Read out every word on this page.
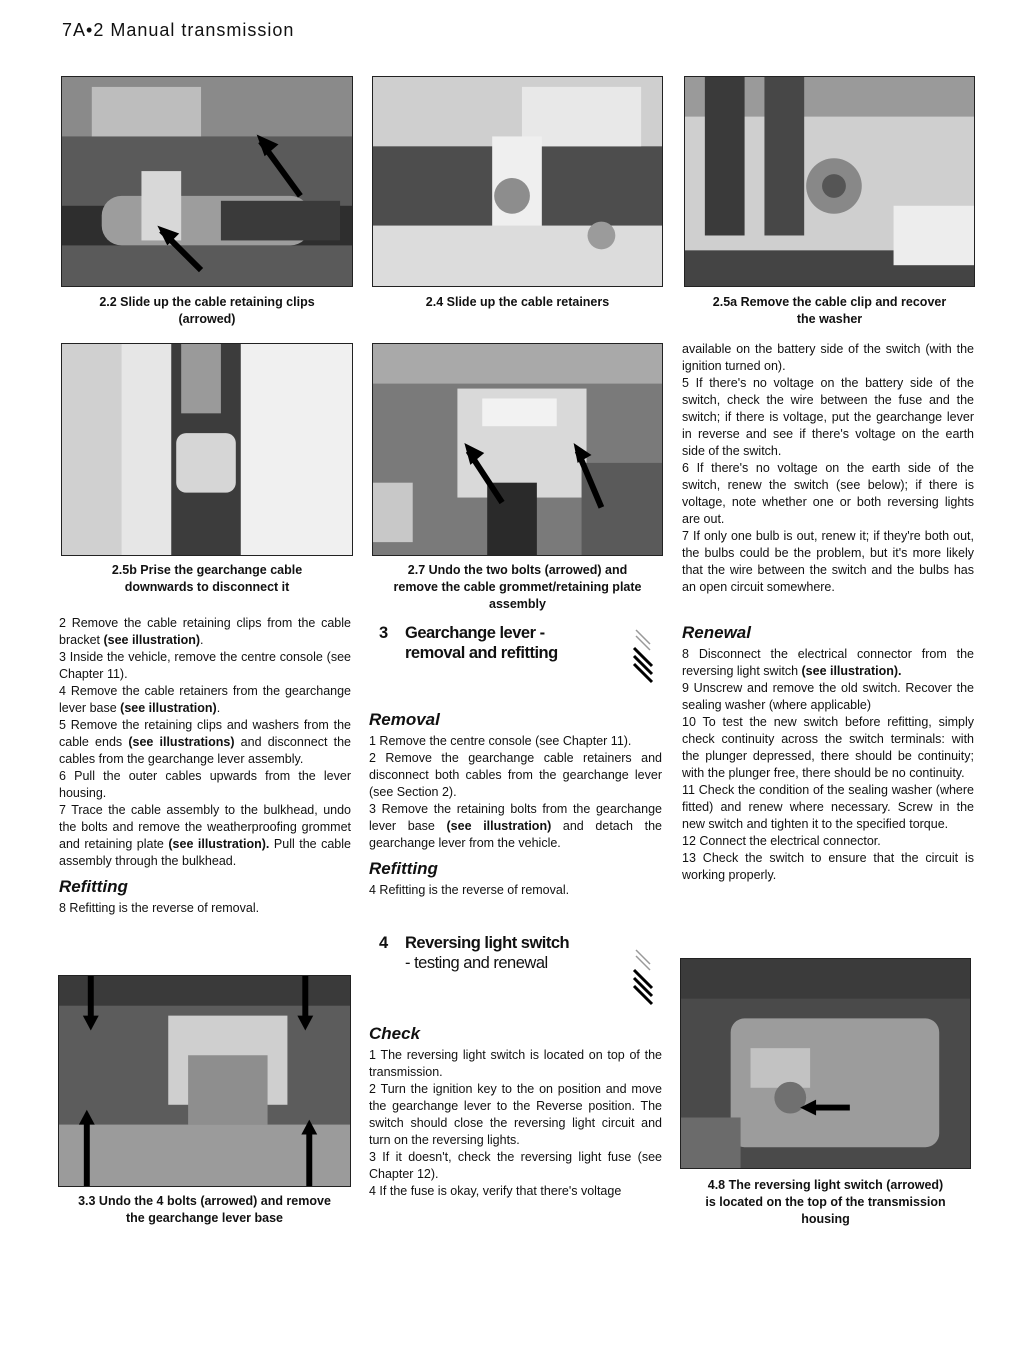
7A•2 Manual transmission
2.2 Slide up the cable retaining clips
(arrowed)
2.4 Slide up the cable retainers	2.5a Remove the cable clip and recover
the washer
2.5b Prise the gearchange cable
downwards to disconnect it
2.7 Undo the two bolts (arrowed) and
remove the cable grommet/retaining plate
assembly
3.3 Undo the 4 bolts (arrowed) and remove
the gearchange lever base
4.8 The reversing light switch (arrowed)
is located on the top of the transmission
housing

2 Remove the cable retaining clips from the cable bracket (see illustration).

3 Inside the vehicle, remove the centre console (see Chapter 11).

4 Remove the cable retainers from the gearchange lever base (see illustration).

5 Remove the retaining clips and washers from the cable ends (see illustrations) and disconnect the cables from the gearchange lever assembly.

6 Pull the outer cables upwards from the lever housing.

7 Trace the cable assembly to the bulkhead, undo the bolts and remove the weatherproofing grommet and retaining plate (see illustration). Pull the cable assembly through the bulkhead.

Refitting

8 Refitting is the reverse of removal.

3 Gearchange lever -
removal and refitting
Removal

1 Remove the centre console (see Chapter 11).

2 Remove the gearchange cable retainers and disconnect both cables from the gearchange lever (see Section 2).

3 Remove the retaining bolts from the gearchange lever base (see illustration) and detach the gearchange lever from the vehicle.

Refitting

4 Refitting is the reverse of removal.

4 Reversing light switch
- testing and renewal
Check

1 The reversing light switch is located on top of the transmission.

2 Turn the ignition key to the on position and move the gearchange lever to the Reverse position. The switch should close the reversing light circuit and turn on the reversing lights.

3 If it doesn't, check the reversing light fuse (see Chapter 12).

4 If the fuse is okay, verify that there's voltage

available on the battery side of the switch (with the ignition turned on).

5 If there's no voltage on the battery side of the switch, check the wire between the fuse and the switch; if there is voltage, put the gearchange lever in reverse and see if there's voltage on the earth side of the switch.

6 If there's no voltage on the earth side of the switch, renew the switch (see below); if there is voltage, note whether one or both reversing lights are out.

7 If only one bulb is out, renew it; if they're both out, the bulbs could be the problem, but it's more likely that the wire between the switch and the bulbs has an open circuit somewhere.

Renewal

8 Disconnect the electrical connector from the reversing light switch (see illustration).

9 Unscrew and remove the old switch. Recover the sealing washer (where applicable)

10 To test the new switch before refitting, simply check continuity across the switch terminals: with the plunger depressed, there should be continuity; with the plunger free, there should be no continuity.

11 Check the condition of the sealing washer (where fitted) and renew where necessary. Screw in the new switch and tighten it to the specified torque.

12 Connect the electrical connector.

13 Check the switch to ensure that the circuit is working properly.
